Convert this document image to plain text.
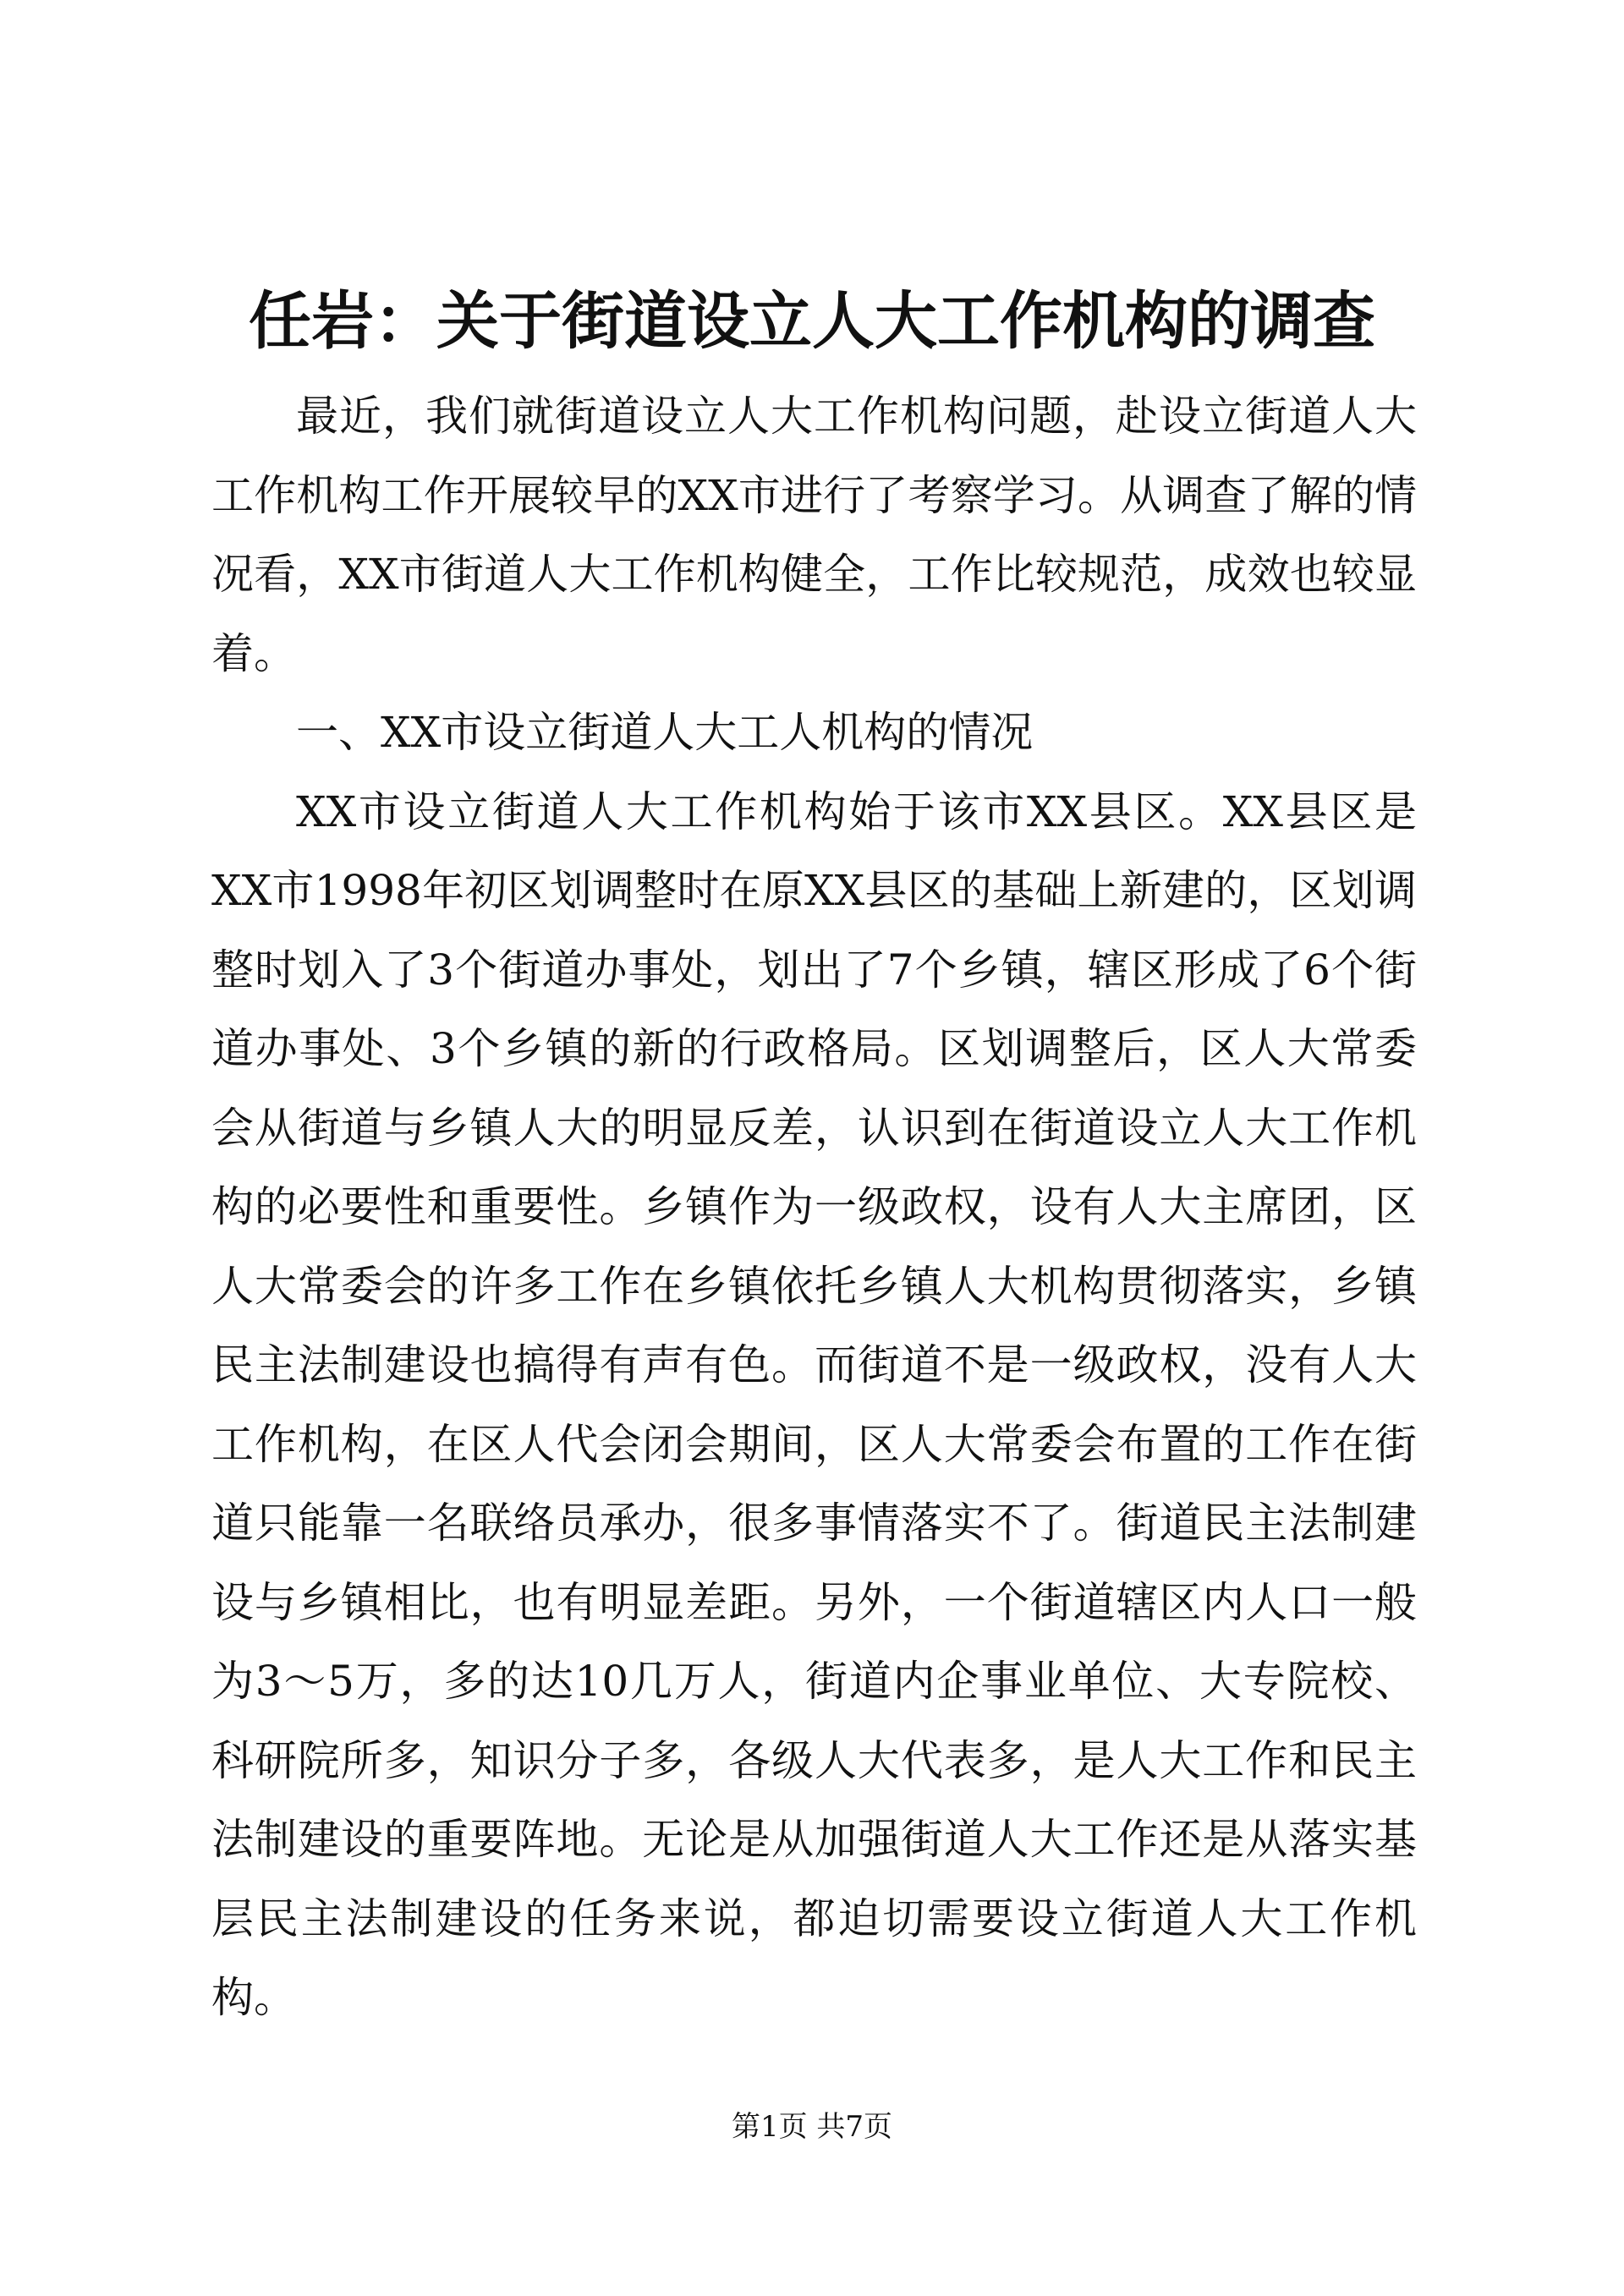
任岩：关于街道设立人大工作机构的调查

最近，我们就街道设立人大工作机构问题，赴设立街道人大工作机构工作开展较早的XX市进行了考察学习。从调查了解的情况看，XX市街道人大工作机构健全，工作比较规范，成效也较显着。

一、XX市设立街道人大工人机构的情况

XX市设立街道人大工作机构始于该市XX县区。XX县区是XX市1998年初区划调整时在原XX县区的基础上新建的，区划调整时划入了3个街道办事处，划出了7个乡镇，辖区形成了6个街道办事处、3个乡镇的新的行政格局。区划调整后，区人大常委会从街道与乡镇人大的明显反差，认识到在街道设立人大工作机构的必要性和重要性。乡镇作为一级政权，设有人大主席团，区人大常委会的许多工作在乡镇依托乡镇人大机构贯彻落实，乡镇民主法制建设也搞得有声有色。而街道不是一级政权，没有人大工作机构，在区人代会闭会期间，区人大常委会布置的工作在街道只能靠一名联络员承办，很多事情落实不了。街道民主法制建设与乡镇相比，也有明显差距。另外，一个街道辖区内人口一般为3～5万，多的达10几万人，街道内企事业单位、大专院校、科研院所多，知识分子多，各级人大代表多，是人大工作和民主法制建设的重要阵地。无论是从加强街道人大工作还是从落实基层民主法制建设的任务来说，都迫切需要设立街道人大工作机构。

第1页 共7页
